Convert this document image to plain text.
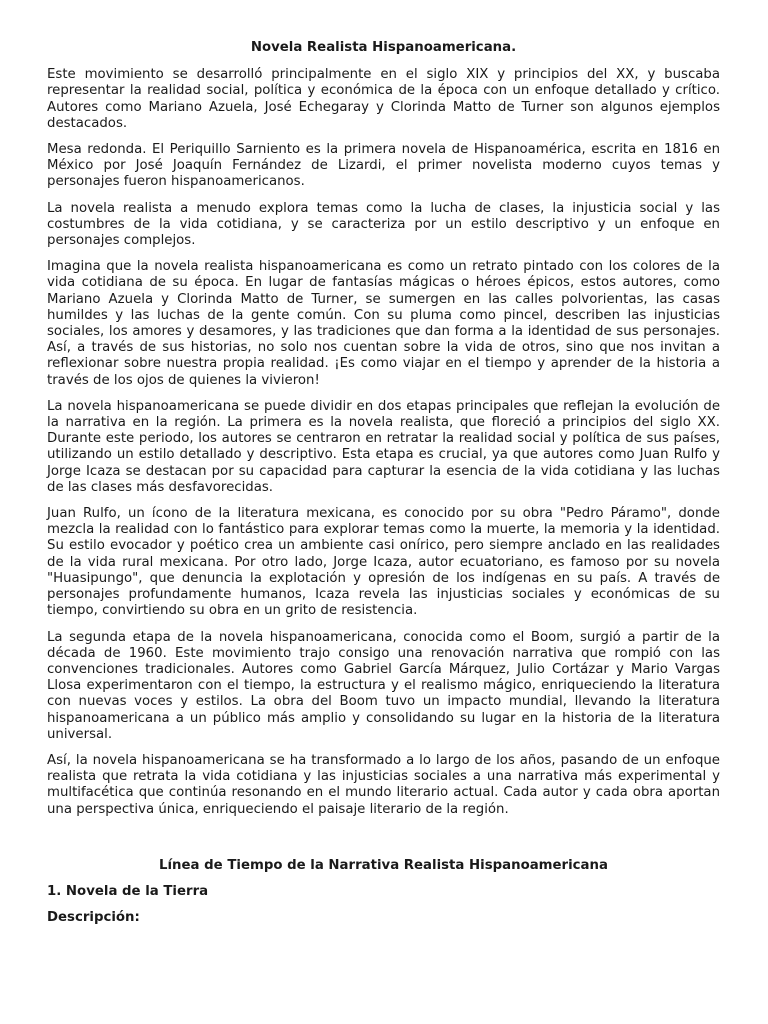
Novela Realista Hispanoamericana.

Este movimiento se desarrolló principalmente en el siglo XIX y principios del XX, y buscaba representar la realidad social, política y económica de la época con un enfoque detallado y crítico. Autores como Mariano Azuela, José Echegaray y Clorinda Matto de Turner son algunos ejemplos destacados.

Mesa redonda. El Periquillo Sarniento es la primera novela de Hispanoamérica, escrita en 1816 en México por José Joaquín Fernández de Lizardi, el primer novelista moderno cuyos temas y personajes fueron hispanoamericanos.

La novela realista a menudo explora temas como la lucha de clases, la injusticia social y las costumbres de la vida cotidiana, y se caracteriza por un estilo descriptivo y un enfoque en personajes complejos.

Imagina que la novela realista hispanoamericana es como un retrato pintado con los colores de la vida cotidiana de su época. En lugar de fantasías mágicas o héroes épicos, estos autores, como Mariano Azuela y Clorinda Matto de Turner, se sumergen en las calles polvorientas, las casas humildes y las luchas de la gente común. Con su pluma como pincel, describen las injusticias sociales, los amores y desamores, y las tradiciones que dan forma a la identidad de sus personajes. Así, a través de sus historias, no solo nos cuentan sobre la vida de otros, sino que nos invitan a reflexionar sobre nuestra propia realidad. ¡Es como viajar en el tiempo y aprender de la historia a través de los ojos de quienes la vivieron!

La novela hispanoamericana se puede dividir en dos etapas principales que reflejan la evolución de la narrativa en la región. La primera es la novela realista, que floreció a principios del siglo XX. Durante este periodo, los autores se centraron en retratar la realidad social y política de sus países, utilizando un estilo detallado y descriptivo. Esta etapa es crucial, ya que autores como Juan Rulfo y Jorge Icaza se destacan por su capacidad para capturar la esencia de la vida cotidiana y las luchas de las clases más desfavorecidas.

Juan Rulfo, un ícono de la literatura mexicana, es conocido por su obra "Pedro Páramo", donde mezcla la realidad con lo fantástico para explorar temas como la muerte, la memoria y la identidad. Su estilo evocador y poético crea un ambiente casi onírico, pero siempre anclado en las realidades de la vida rural mexicana. Por otro lado, Jorge Icaza, autor ecuatoriano, es famoso por su novela "Huasipungo", que denuncia la explotación y opresión de los indígenas en su país. A través de personajes profundamente humanos, Icaza revela las injusticias sociales y económicas de su tiempo, convirtiendo su obra en un grito de resistencia.

La segunda etapa de la novela hispanoamericana, conocida como el Boom, surgió a partir de la década de 1960. Este movimiento trajo consigo una renovación narrativa que rompió con las convenciones tradicionales. Autores como Gabriel García Márquez, Julio Cortázar y Mario Vargas Llosa experimentaron con el tiempo, la estructura y el realismo mágico, enriqueciendo la literatura con nuevas voces y estilos. La obra del Boom tuvo un impacto mundial, llevando la literatura hispanoamericana a un público más amplio y consolidando su lugar en la historia de la literatura universal.

Así, la novela hispanoamericana se ha transformado a lo largo de los años, pasando de un enfoque realista que retrata la vida cotidiana y las injusticias sociales a una narrativa más experimental y multifacética que continúa resonando en el mundo literario actual. Cada autor y cada obra aportan una perspectiva única, enriqueciendo el paisaje literario de la región.

Línea de Tiempo de la Narrativa Realista Hispanoamericana
1. Novela de la Tierra
Descripción:
